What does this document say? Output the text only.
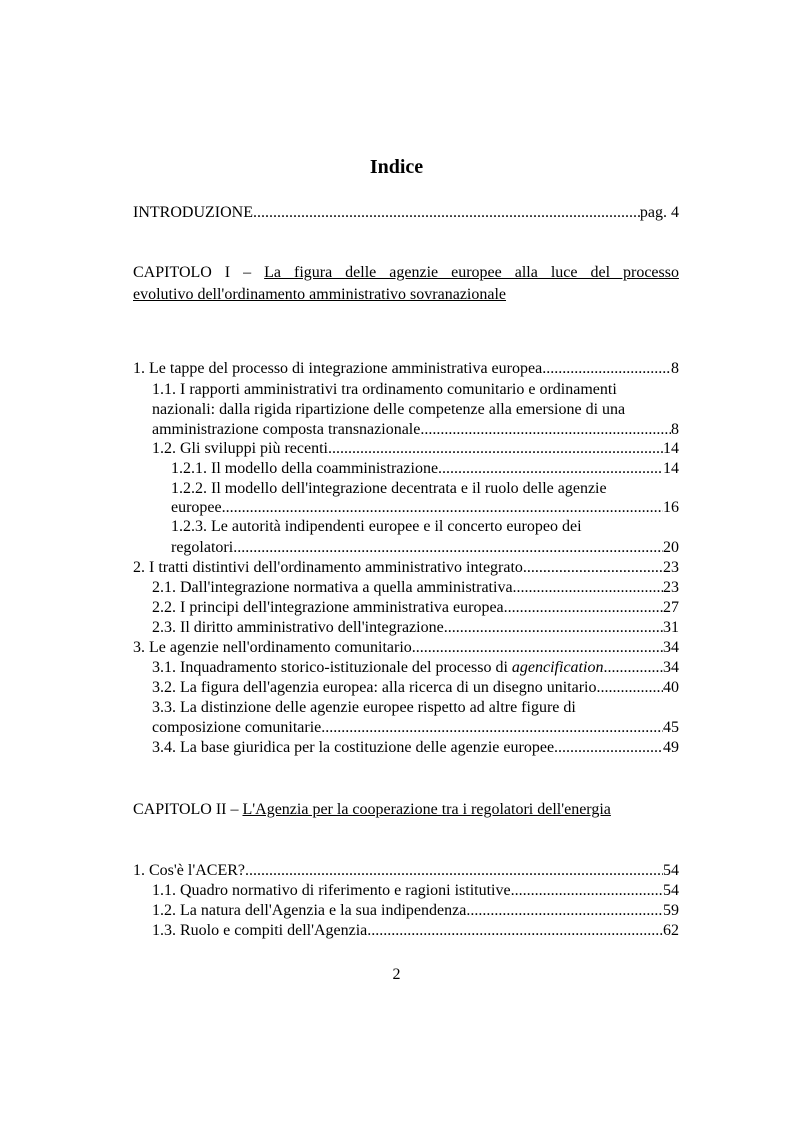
Indice
INTRODUZIONE .....	pag. 4
CAPITOLO I – La figura delle agenzie europee alla luce del processo
evolutivo dell'ordinamento amministrativo sovranazionale
1. Le tappe del processo di integrazione amministrativa europea .....	8
1.1. I rapporti amministrativi tra ordinamento comunitario e ordinamenti
nazionali: dalla rigida ripartizione delle competenze alla emersione di una
amministrazione composta transnazionale .....	8
1.2. Gli sviluppi più recenti .....	14
1.2.1. Il modello della coamministrazione .....	14
1.2.2. Il modello dell'integrazione decentrata e il ruolo delle agenzie
europee .....	16
1.2.3. Le autorità indipendenti europee e il concerto europeo dei
regolatori .....	20
2. I tratti distintivi dell'ordinamento amministrativo integrato .....	23
2.1. Dall'integrazione normativa a quella amministrativa .....	23
2.2. I principi dell'integrazione amministrativa europea .....	27
2.3. Il diritto amministrativo dell'integrazione .....	31
3. Le agenzie nell'ordinamento comunitario .....	34
3.1. Inquadramento storico-istituzionale del processo di agencification .....	34
3.2. La figura dell'agenzia europea: alla ricerca di un disegno unitario .....	40
3.3. La distinzione delle agenzie europee rispetto ad altre figure di
composizione comunitarie .....	45
3.4. La base giuridica per la costituzione delle agenzie europee .....	49
CAPITOLO II – L'Agenzia per la cooperazione tra i regolatori dell'energia
1. Cos'è l'ACER? .....	54
1.1. Quadro normativo di riferimento e ragioni istitutive .....	54
1.2. La natura dell'Agenzia e la sua indipendenza .....	59
1.3. Ruolo e compiti dell'Agenzia .....	62
2
